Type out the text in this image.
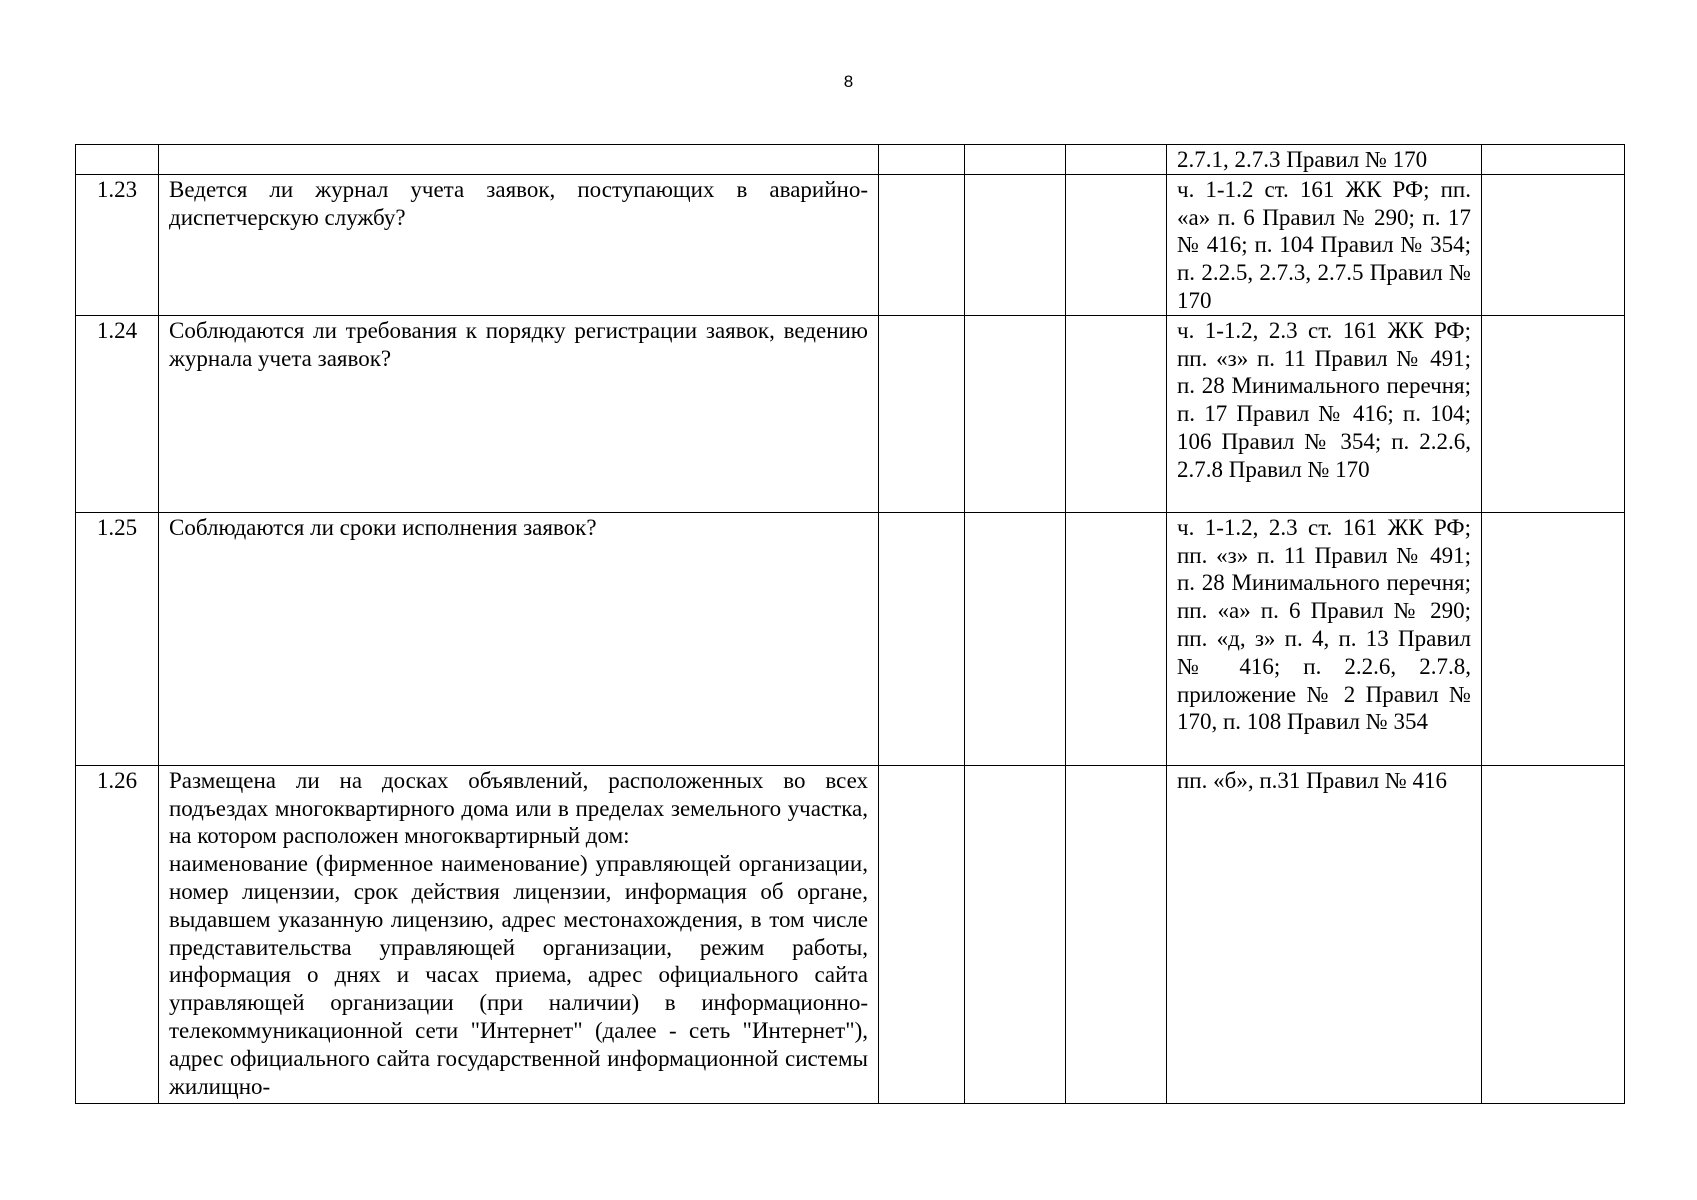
8

				2.7.1, 2.7.3 Правил № 170	
1.23	Ведется ли журнал учета заявок, поступающих в аварийно-диспетчерскую службу?				ч. 1-1.2 ст. 161 ЖК РФ; пп. «а» п. 6 Правил № 290; п. 17 № 416; п. 104 Правил № 354; п. 2.2.5, 2.7.3, 2.7.5 Правил № 170	
1.24	Соблюдаются ли требования к порядку регистрации заявок, ведению журнала учета заявок?				ч. 1-1.2, 2.3 ст. 161 ЖК РФ; пп. «з» п. 11 Правил № 491; п. 28 Минимального перечня; п. 17 Правил № 416; п. 104; 106 Правил № 354; п. 2.2.6, 2.7.8 Правил № 170	
1.25	Соблюдаются ли сроки исполнения заявок?				ч. 1-1.2, 2.3 ст. 161 ЖК РФ; пп. «з» п. 11 Правил № 491; п. 28 Минимального перечня; пп. «а» п. 6 Правил № 290; пп. «д, з» п. 4, п. 13 Правил № 416; п. 2.2.6, 2.7.8, приложение № 2 Правил № 170, п. 108 Правил № 354	
1.26	Размещена ли на досках объявлений, расположенных во всех подъездах многоквартирного дома или в пределах земельного участка, на котором расположен многоквартирный дом:
наименование (фирменное наименование) управляющей организации, номер лицензии, срок действия лицензии, информация об органе, выдавшем указанную лицензию, адрес местонахождения, в том числе представительства управляющей организации, режим работы, информация о днях и часах приема, адрес официального сайта управляющей организации (при наличии) в информационно-телекоммуникационной сети "Интернет" (далее - сеть "Интернет"), адрес официального сайта государственной информационной системы жилищно-				пп. «б», п.31 Правил № 416	
